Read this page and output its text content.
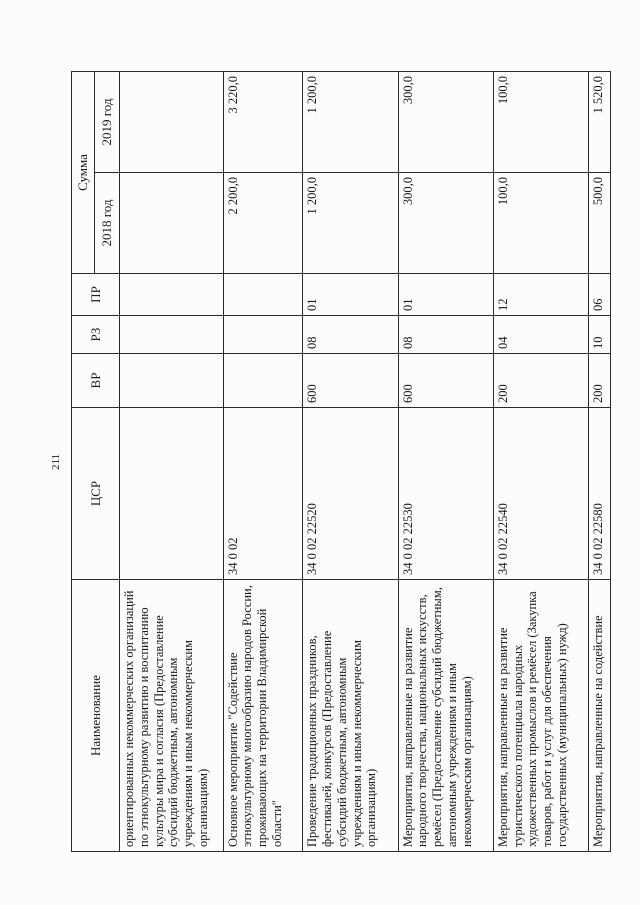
211
Наименование	ЦСР	ВР	РЗ	ПР	Сумма	
					2018 год	2019 год
ориентированных некоммерческих организаций по этнокультурному развитию и воспитанию культуры мира и согласия (Предоставление субсидий бюджетным, автономным учреждениям и иным некоммерческим организациям)						
Основное мероприятие "Содействие этнокультурному многообразию народов России, проживающих на территории Владимирской области"	34 0 02				2 200,0	3 220,0
Проведение традиционных праздников, фестивалей, конкурсов (Предоставление субсидий бюджетным, автономным учреждениям и иным некоммерческим организациям)	34 0 02 22520	600	08	01	1 200,0	1 200,0
Мероприятия, направленные на развитие народного творчества, национальных искусств, ремёсел (Предоставление субсидий бюджетным, автономным учреждениям и иным некоммерческим организациям)	34 0 02 22530	600	08	01	300,0	300,0
Мероприятия, направленные на развитие туристического потенциала народных художественных промыслов и ремёсел (Закупка товаров, работ и услуг для обеспечения государственных (муниципальных) нужд)	34 0 02 22540	200	04	12	100,0	100,0
Мероприятия, направленные на содействие	34 0 02 22580	200	10	06	500,0	1 520,0
